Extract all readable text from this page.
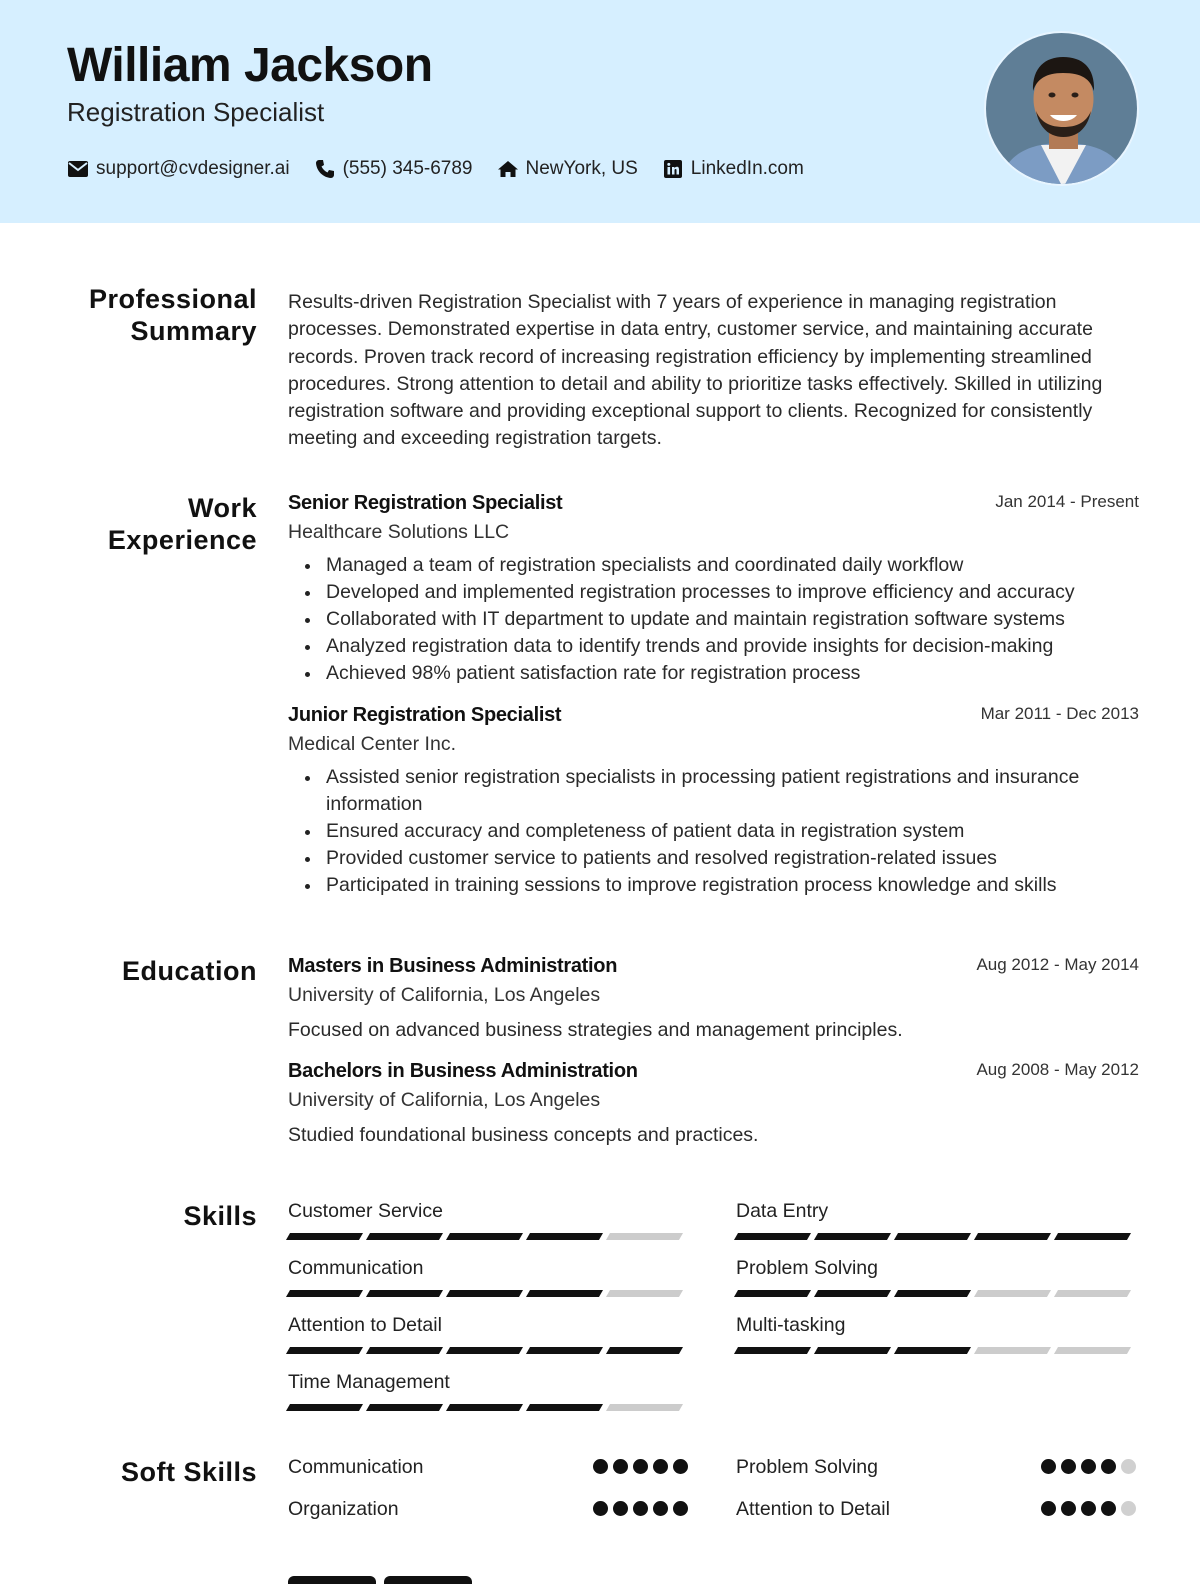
William Jackson
Registration Specialist
support@cvdesigner.ai	(555) 345-6789	NewYork, US	LinkedIn.com
Professional
Summary
Results-driven Registration Specialist with 7 years of experience in managing registration processes. Demonstrated expertise in data entry, customer service, and maintaining accurate records. Proven track record of increasing registration efficiency by implementing streamlined procedures. Strong attention to detail and ability to prioritize tasks effectively. Skilled in utilizing registration software and providing exceptional support to clients. Recognized for consistently meeting and exceeding registration targets.
Work
Experience
Jan 2014 - Present
Senior Registration Specialist
Healthcare Solutions LLC
Managed a team of registration specialists and coordinated daily workflow
Developed and implemented registration processes to improve efficiency and accuracy
Collaborated with IT department to update and maintain registration software systems
Analyzed registration data to identify trends and provide insights for decision-making
Achieved 98% patient satisfaction rate for registration process
Mar 2011 - Dec 2013
Junior Registration Specialist
Medical Center Inc.
Assisted senior registration specialists in processing patient registrations and insurance information
Ensured accuracy and completeness of patient data in registration system
Provided customer service to patients and resolved registration-related issues
Participated in training sessions to improve registration process knowledge and skills
Education	Aug 2012 - May 2014
Masters in Business Administration
University of California, Los Angeles
Focused on advanced business strategies and management principles.
Aug 2008 - May 2012
Bachelors in Business Administration
University of California, Los Angeles
Studied foundational business concepts and practices.
Skills Customer Service	Data Entry
Communication	Problem Solving
Attention to Detail	Multi-tasking
Time Management
Soft Skills Communication	Problem Solving
Organization	Attention to Detail
